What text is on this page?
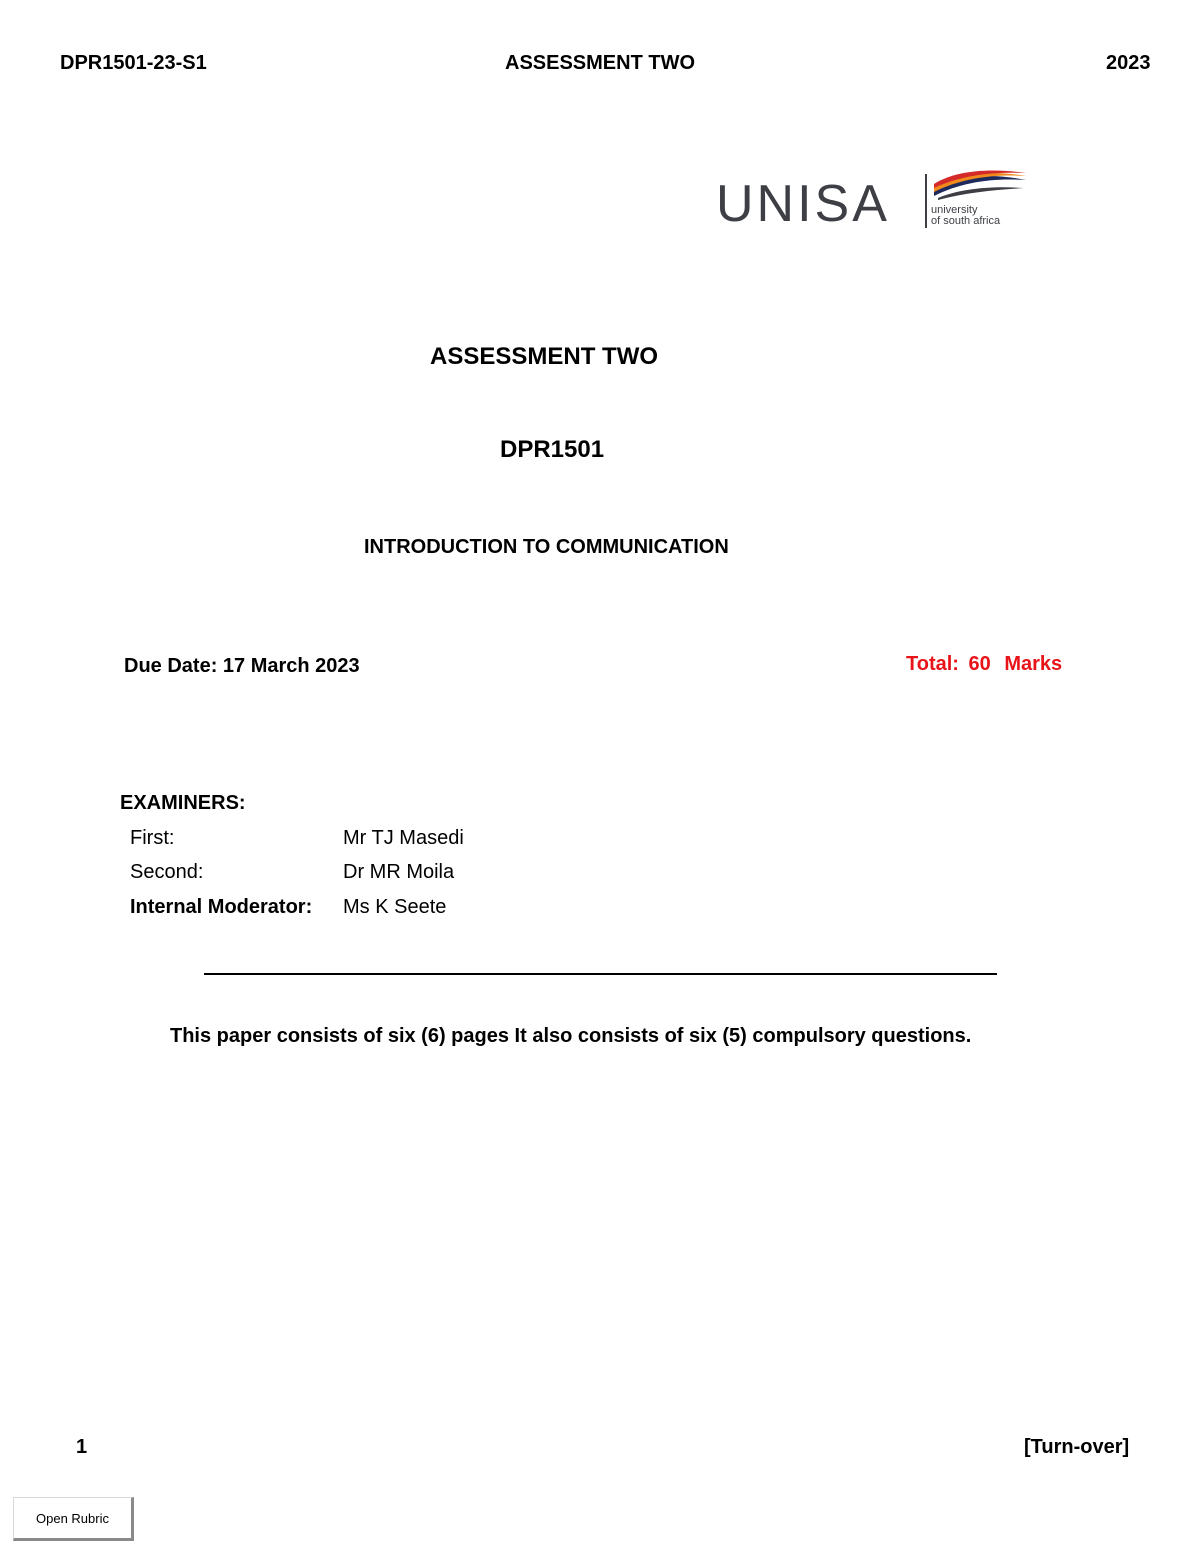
DPR1501-23-S1	ASSESSMENT TWO	2023
UNISA	university
of south africa
ASSESSMENT TWO
DPR1501
INTRODUCTION TO COMMUNICATION
Due Date: 17 March 2023	Total: 60 Marks
EXAMINERS:
First:	Mr TJ Masedi
Second:	Dr MR Moila
Internal Moderator: Ms K Seete
This paper consists of six (6) pages It also consists of six (5) compulsory questions.
1	[Turn-over]
Open Rubric
